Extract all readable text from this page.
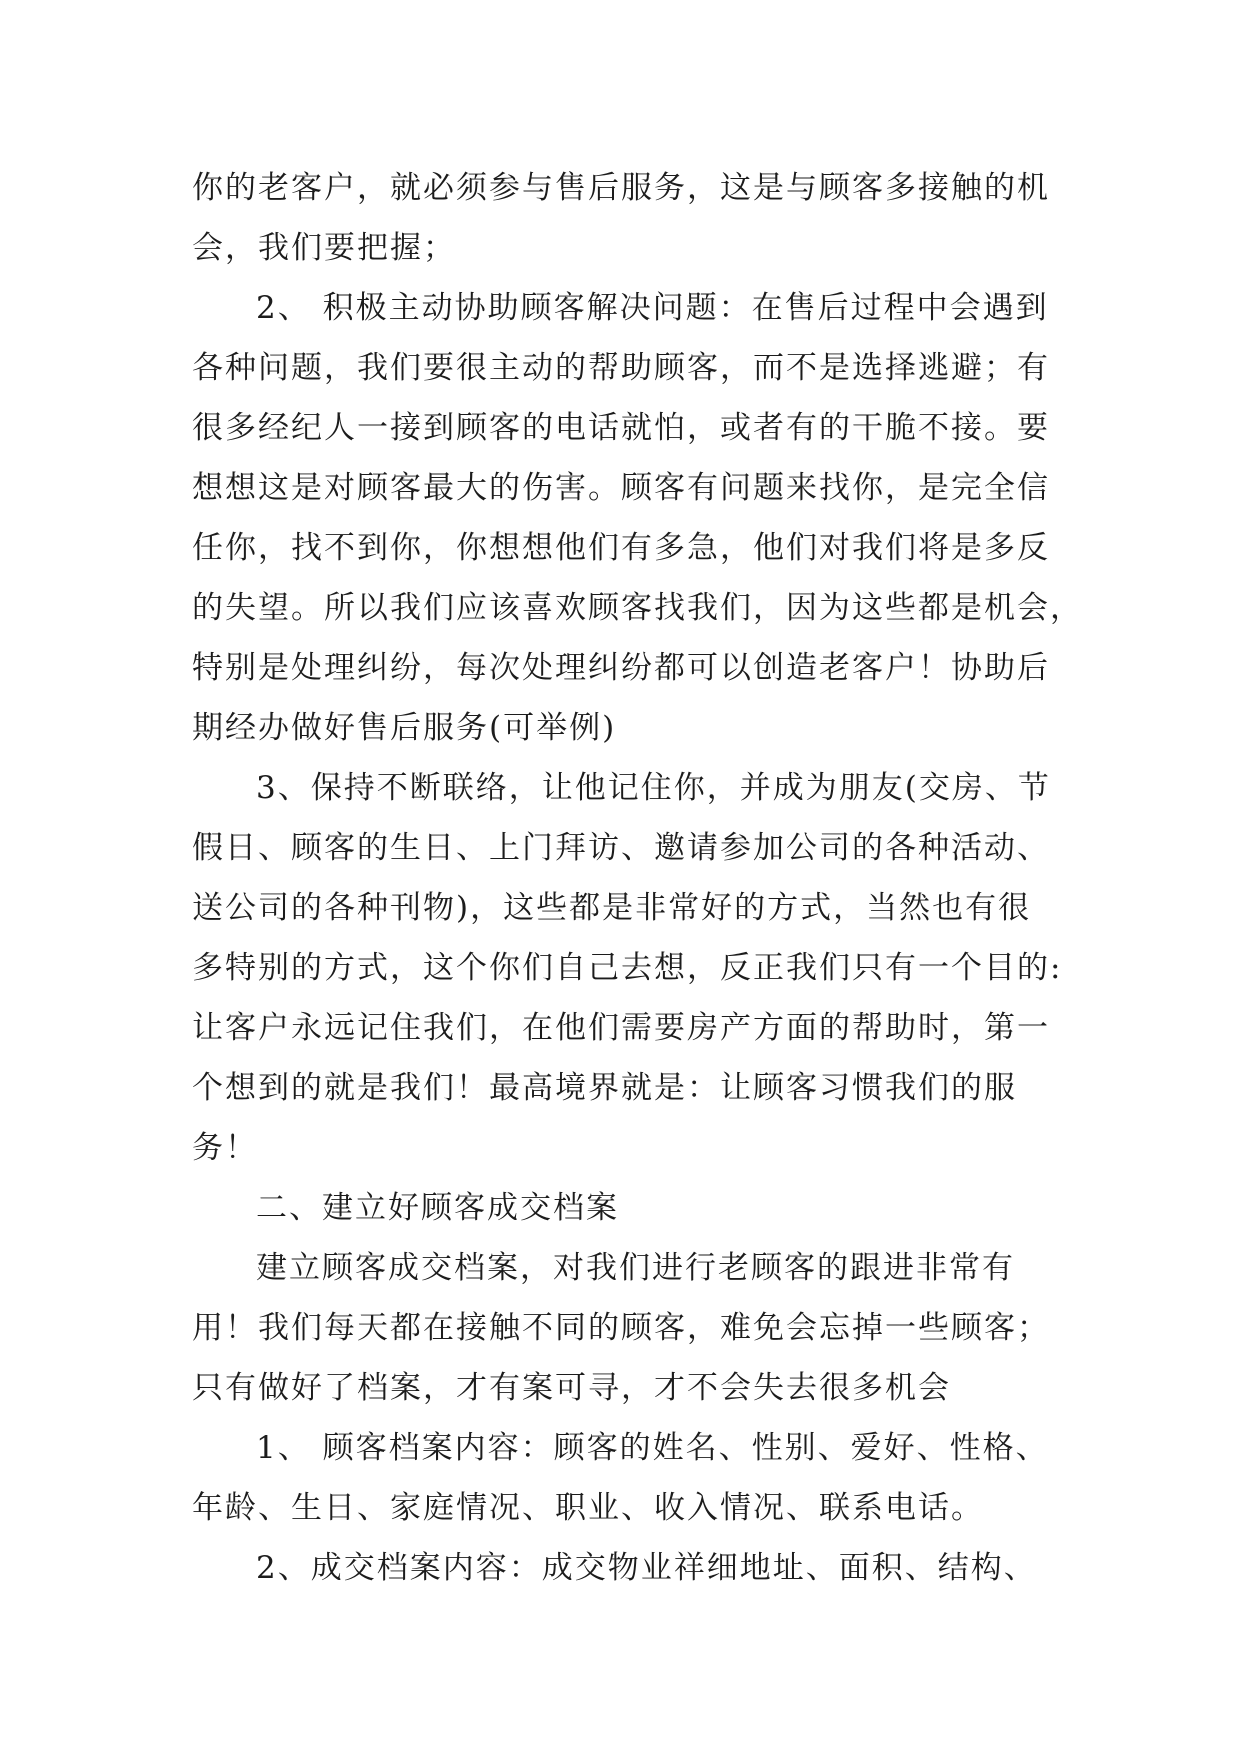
你的老客户，就必须参与售后服务，这是与顾客多接触的机
会，我们要把握；
2、 积极主动协助顾客解决问题：在售后过程中会遇到
各种问题，我们要很主动的帮助顾客，而不是选择逃避；有
很多经纪人一接到顾客的电话就怕，或者有的干脆不接。要
想想这是对顾客最大的伤害。顾客有问题来找你，是完全信
任你，找不到你，你想想他们有多急，他们对我们将是多反
的失望。所以我们应该喜欢顾客找我们，因为这些都是机会，
特别是处理纠纷，每次处理纠纷都可以创造老客户！协助后
期经办做好售后服务(可举例)
3、保持不断联络，让他记住你，并成为朋友(交房、节
假日、顾客的生日、上门拜访、邀请参加公司的各种活动、
送公司的各种刊物)，这些都是非常好的方式，当然也有很
多特别的方式，这个你们自己去想，反正我们只有一个目的:
让客户永远记住我们，在他们需要房产方面的帮助时，第一
个想到的就是我们！最高境界就是：让顾客习惯我们的服
务！
二、建立好顾客成交档案
建立顾客成交档案，对我们进行老顾客的跟进非常有
用！我们每天都在接触不同的顾客，难免会忘掉一些顾客；
只有做好了档案，才有案可寻，才不会失去很多机会
1、 顾客档案内容：顾客的姓名、性别、爱好、性格、
年龄、生日、家庭情况、职业、收入情况、联系电话。
2、成交档案内容：成交物业祥细地址、面积、结构、
